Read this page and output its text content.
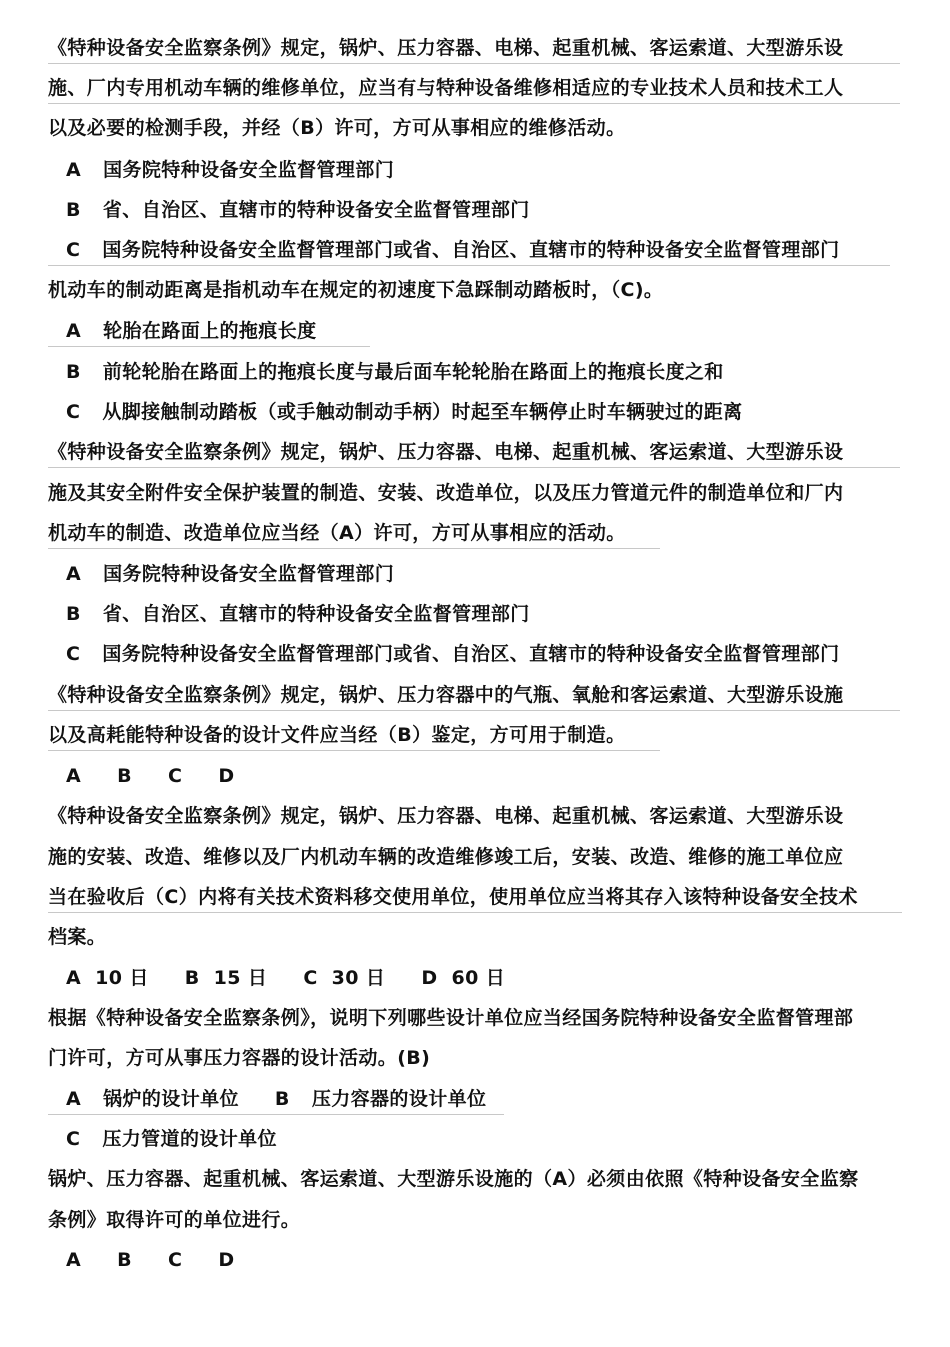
《特种设备安全监察条例》规定，锅炉、压力容器、电梯、起重机械、客运索道、大型游乐设
施、厂内专用机动车辆的维修单位，应当有与特种设备维修相适应的专业技术人员和技术工人
以及必要的检测手段，并经（B）许可，方可从事相应的维修活动。
A 国务院特种设备安全监督管理部门
B 省、自治区、直辖市的特种设备安全监督管理部门
C 国务院特种设备安全监督管理部门或省、自治区、直辖市的特种设备安全监督管理部门
机动车的制动距离是指机动车在规定的初速度下急踩制动踏板时，（C)。
A 轮胎在路面上的拖痕长度
B 前轮轮胎在路面上的拖痕长度与最后面车轮轮胎在路面上的拖痕长度之和
C 从脚接触制动踏板（或手触动制动手柄）时起至车辆停止时车辆驶过的距离
《特种设备安全监察条例》规定，锅炉、压力容器、电梯、起重机械、客运索道、大型游乐设
施及其安全附件安全保护装置的制造、安装、改造单位，以及压力管道元件的制造单位和厂内
机动车的制造、改造单位应当经（A）许可，方可从事相应的活动。
A 国务院特种设备安全监督管理部门
B 省、自治区、直辖市的特种设备安全监督管理部门
C 国务院特种设备安全监督管理部门或省、自治区、直辖市的特种设备安全监督管理部门
《特种设备安全监察条例》规定，锅炉、压力容器中的气瓶、氧舱和客运索道、大型游乐设施
以及高耗能特种设备的设计文件应当经（B）鉴定，方可用于制造。
A B C D
《特种设备安全监察条例》规定，锅炉、压力容器、电梯、起重机械、客运索道、大型游乐设
施的安装、改造、维修以及厂内机动车辆的改造维修竣工后，安装、改造、维修的施工单位应
当在验收后（C）内将有关技术资料移交使用单位，使用单位应当将其存入该特种设备安全技术
档案。
A 10 日 B 15 日 C 30 日 D 60 日
根据《特种设备安全监察条例》，说明下列哪些设计单位应当经国务院特种设备安全监督管理部
门许可，方可从事压力容器的设计活动。(B)
A 锅炉的设计单位 B 压力容器的设计单位
C 压力管道的设计单位
锅炉、压力容器、起重机械、客运索道、大型游乐设施的（A）必须由依照《特种设备安全监察
条例》取得许可的单位进行。
A B C D
